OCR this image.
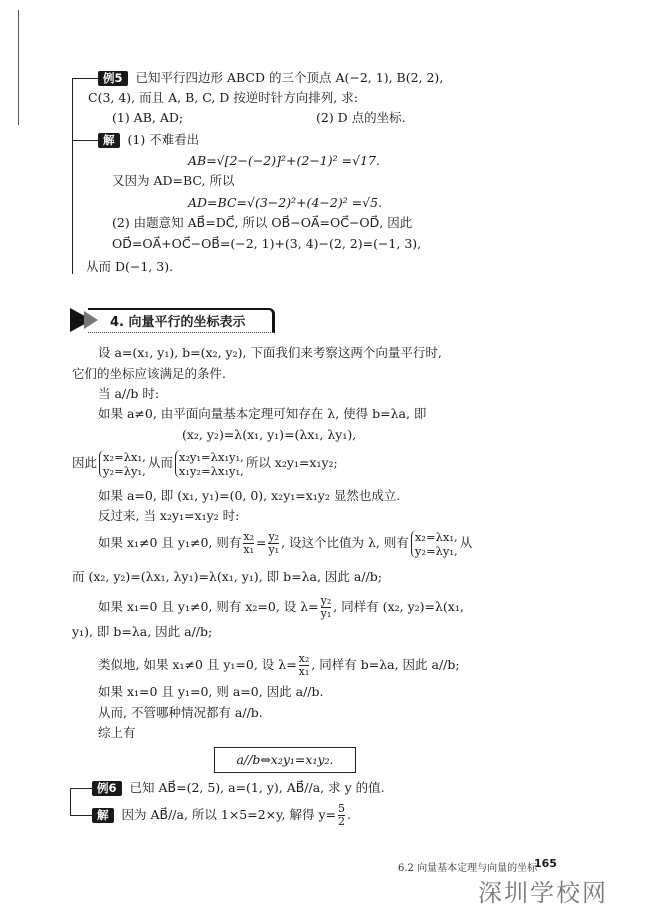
例5 已知平行四边形 ABCD 的三个顶点 A(−2, 1), B(2, 2),
C(3, 4), 而且 A, B, C, D 按逆时针方向排列, 求:
(1) AB, AD;	(2) D 点的坐标.
解 (1) 不难看出
AB=√[2−(−2)]²+(2−1)² =√17.
又因为 AD=BC, 所以
AD=BC=√(3−2)²+(4−2)² =√5.
(2) 由题意知 AB⃗=DC⃗, 所以 OB⃗−OA⃗=OC⃗−OD⃗, 因此
OD⃗=OA⃗+OC⃗−OB⃗=(−2, 1)+(3, 4)−(2, 2)=(−1, 3),
从而 D(−1, 3).
4. 向量平行的坐标表示
设 a=(x₁, y₁), b=(x₂, y₂), 下面我们来考察这两个向量平行时,
它们的坐标应该满足的条件.
当 a//b 时:
如果 a≠0, 由平面向量基本定理可知存在 λ, 使得 b=λa, 即
(x₂, y₂)=λ(x₁, y₁)=(λx₁, λy₁),
因此 x₂=λx₁,
y₂=λy₁,
从而 x₂y₁=λx₁y₁,
x₁y₂=λx₁y₁,
所以 x₂y₁=x₁y₂;
如果 a=0, 即 (x₁, y₁)=(0, 0), x₂y₁=x₁y₂ 显然也成立.
反过来, 当 x₂y₁=x₁y₂ 时:
如果 x₁≠0 且 y₁≠0, 则有 $\frac{\text{x₂}}{\text{x₁}} = \frac{\text{y₂}}{\text{y₁}}$ , 设这个比值为 λ, 则有 x₂=λx₁,
y₂=λy₁,
从
而 (x₂, y₂)=(λx₁, λy₁)=λ(x₁, y₁), 即 b=λa, 因此 a//b;
如果 x₁=0 且 y₁≠0, 则有 x₂=0, 设 $\lambda= \frac{\text{y₂}}{\text{y₁}}$ , 同样有 (x₂, y₂)=λ(x₁,
y₁), 即 b=λa, 因此 a//b;
类似地, 如果 x₁≠0 且 y₁=0, 设 $\lambda= \frac{\text{x₂}}{\text{x₁}}$ , 同样有 b=λa, 因此 a//b;
如果 x₁=0 且 y₁=0, 则 a=0, 因此 a//b.
从而, 不管哪种情况都有 a//b.
综上有
a//b⇔x₂y₁=x₁y₂.
例6 已知 AB⃗=(2, 5), a=(1, y), AB⃗//a, 求 y 的值.
解 因为 AB⃗//a, 所以 1×5=2×y, 解得 $y= \frac{5}{2}$ .
6.2 向量基本定理与向量的坐标
165
深圳学校网
